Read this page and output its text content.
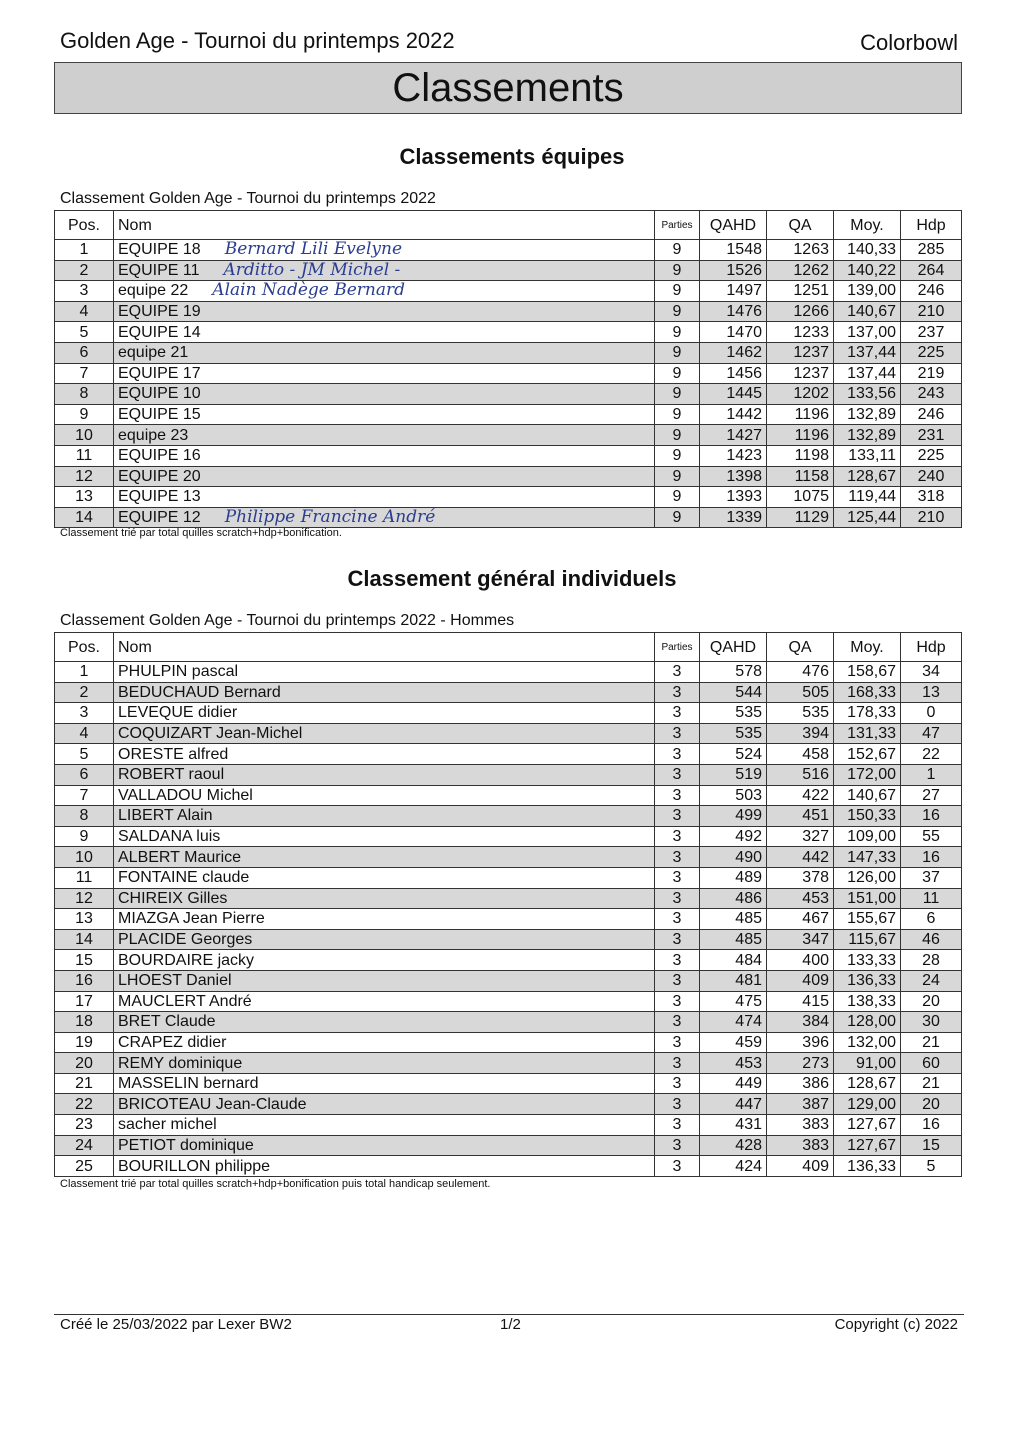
Golden Age - Tournoi du printemps 2022	Colorbowl
Classements
Classements équipes
Classement Golden Age - Tournoi du printemps 2022
Pos.	Nom	Parties	QAHD	QA	Moy.	Hdp
1	EQUIPE 18 Bernard Lili Evelyne	9	1548	1263	140,33	285
2	EQUIPE 11 Arditto - JM Michel -	9	1526	1262	140,22	264
3	equipe 22 Alain Nadège Bernard	9	1497	1251	139,00	246
4	EQUIPE 19	9	1476	1266	140,67	210
5	EQUIPE 14	9	1470	1233	137,00	237
6	equipe 21	9	1462	1237	137,44	225
7	EQUIPE 17	9	1456	1237	137,44	219
8	EQUIPE 10	9	1445	1202	133,56	243
9	EQUIPE 15	9	1442	1196	132,89	246
10	equipe 23	9	1427	1196	132,89	231
11	EQUIPE 16	9	1423	1198	133,11	225
12	EQUIPE 20	9	1398	1158	128,67	240
13	EQUIPE 13	9	1393	1075	119,44	318
14	EQUIPE 12 Philippe Francine André	9	1339	1129	125,44	210
Classement trié par total quilles scratch+hdp+bonification.
Classement général individuels
Classement Golden Age - Tournoi du printemps 2022 - Hommes
Pos.	Nom	Parties	QAHD	QA	Moy.	Hdp
1	PHULPIN pascal	3	578	476	158,67	34
2	BEDUCHAUD Bernard	3	544	505	168,33	13
3	LEVEQUE didier	3	535	535	178,33	0
4	COQUIZART Jean-Michel	3	535	394	131,33	47
5	ORESTE alfred	3	524	458	152,67	22
6	ROBERT raoul	3	519	516	172,00	1
7	VALLADOU Michel	3	503	422	140,67	27
8	LIBERT Alain	3	499	451	150,33	16
9	SALDANA luis	3	492	327	109,00	55
10	ALBERT Maurice	3	490	442	147,33	16
11	FONTAINE claude	3	489	378	126,00	37
12	CHIREIX Gilles	3	486	453	151,00	11
13	MIAZGA Jean Pierre	3	485	467	155,67	6
14	PLACIDE Georges	3	485	347	115,67	46
15	BOURDAIRE jacky	3	484	400	133,33	28
16	LHOEST Daniel	3	481	409	136,33	24
17	MAUCLERT André	3	475	415	138,33	20
18	BRET Claude	3	474	384	128,00	30
19	CRAPEZ didier	3	459	396	132,00	21
20	REMY dominique	3	453	273	91,00	60
21	MASSELIN bernard	3	449	386	128,67	21
22	BRICOTEAU Jean-Claude	3	447	387	129,00	20
23	sacher michel	3	431	383	127,67	16
24	PETIOT dominique	3	428	383	127,67	15
25	BOURILLON philippe	3	424	409	136,33	5
Classement trié par total quilles scratch+hdp+bonification puis total handicap seulement.
Créé le 25/03/2022 par Lexer BW2	1/2	Copyright (c) 2022
